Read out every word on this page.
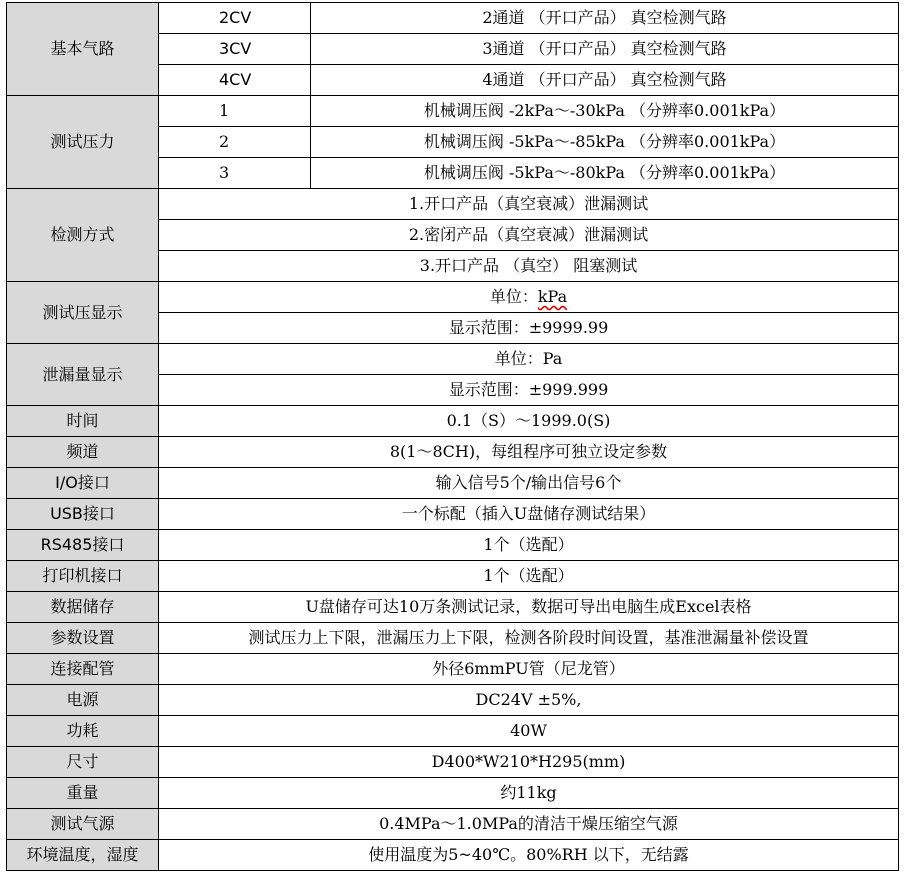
基本气路	2CV	2通道 （开口产品） 真空检测气路
	3CV	3通道 （开口产品） 真空检测气路
	4CV	4通道 （开口产品） 真空检测气路
测试压力	1	机械调压阀 -2kPa～-30kPa （分辨率0.001kPa）
	2	机械调压阀 -5kPa～-85kPa （分辨率0.001kPa）
	3	机械调压阀 -5kPa～-80kPa （分辨率0.001kPa）
检测方式	1.开口产品（真空衰减）泄漏测试	
	2.密闭产品（真空衰减）泄漏测试	
	3.开口产品 （真空） 阻塞测试	
测试压显示	单位：kPa	
	显示范围：±9999.99	
泄漏量显示	单位：Pa	
	显示范围：±999.999	
时间	0.1（S）～1999.0(S)	
频道	8(1～8CH)，每组程序可独立设定参数	
I/O接口	输入信号5个/输出信号6个	
USB接口	一个标配（插入U盘储存测试结果）	
RS485接口	1个（选配）	
打印机接口	1个（选配）	
数据储存	U盘储存可达10万条测试记录，数据可导出电脑生成Excel表格	
参数设置	测试压力上下限，泄漏压力上下限，检测各阶段时间设置，基准泄漏量补偿设置	
连接配管	外径6mmPU管（尼龙管）	
电源	DC24V ±5%,	
功耗	40W	
尺寸	D400*W210*H295(mm)	
重量	约11kg	
测试气源	0.4MPa～1.0MPa的清洁干燥压缩空气源	
环境温度，湿度	使用温度为5~40℃。80%RH 以下，无结露	
